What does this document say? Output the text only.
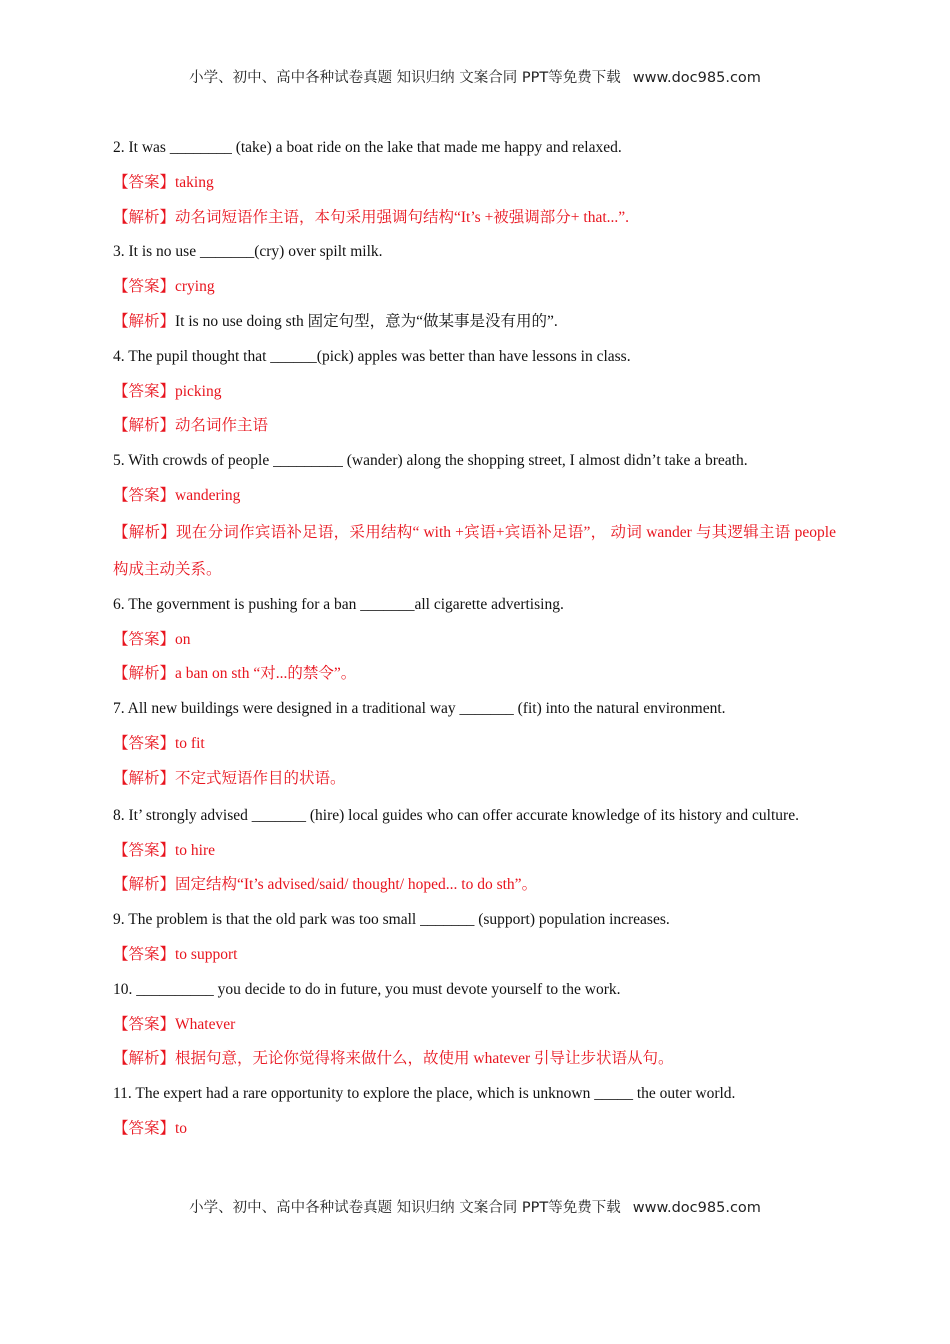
小学、初中、高中各种试卷真题 知识归纳 文案合同 PPT等免费下载 www.doc985.com
2. It was ________ (take) a boat ride on the lake that made me happy and relaxed.
【答案】taking
【解析】动名词短语作主语，本句采用强调句结构“It’s +被强调部分+ that...”.
3. It is no use _______(cry) over spilt milk.
【答案】crying
【解析】It is no use doing sth 固定句型，意为“做某事是没有用的”.
4. The pupil thought that ______(pick) apples was better than have lessons in class.
【答案】picking
【解析】动名词作主语
5. With crowds of people _________ (wander) along the shopping street, I almost didn’t take a breath.
【答案】wandering
【解析】现在分词作宾语补足语，采用结构“ with +宾语+宾语补足语”， 动词 wander 与其逻辑主语 people 构成主动关系。
6. The government is pushing for a ban _______all cigarette advertising.
【答案】on
【解析】a ban on sth “对...的禁令”。
7. All new buildings were designed in a traditional way _______ (fit) into the natural environment.
【答案】to fit
【解析】不定式短语作目的状语。
8. It’ strongly advised _______ (hire) local guides who can offer accurate knowledge of its history and culture.
【答案】to hire
【解析】固定结构“It’s advised/said/ thought/ hoped... to do sth”。
9. The problem is that the old park was too small _______ (support) population increases.
【答案】to support
10. __________ you decide to do in future, you must devote yourself to the work.
【答案】Whatever
【解析】根据句意，无论你觉得将来做什么，故使用 whatever 引导让步状语从句。
11. The expert had a rare opportunity to explore the place, which is unknown _____ the outer world.
【答案】to
小学、初中、高中各种试卷真题 知识归纳 文案合同 PPT等免费下载 www.doc985.com
